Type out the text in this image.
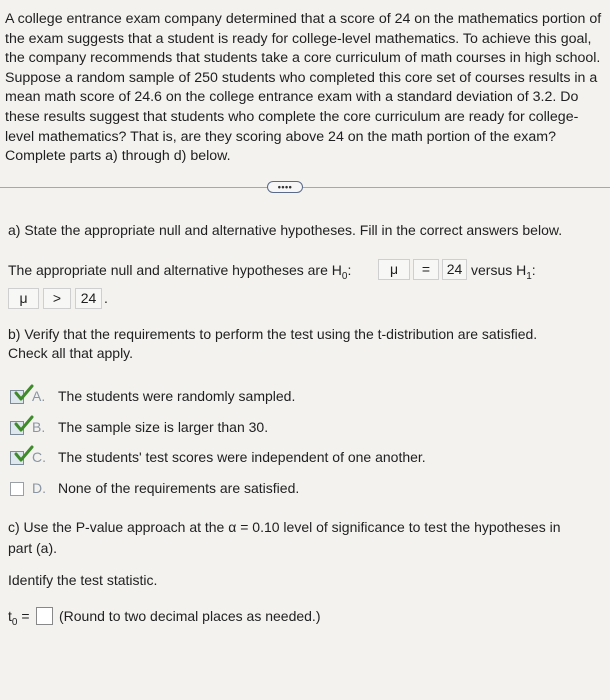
A college entrance exam company determined that a score of 24 on the mathematics portion of the exam suggests that a student is ready for college-level mathematics. To achieve this goal, the company recommends that students take a core curriculum of math courses in high school. Suppose a random sample of 250 students who completed this core set of courses results in a mean math score of 24.6 on the college entrance exam with a standard deviation of 3.2. Do these results suggest that students who complete the core curriculum are ready for college-level mathematics? That is, are they scoring above 24 on the math portion of the exam? Complete parts a) through d) below.
••••
a) State the appropriate null and alternative hypotheses. Fill in the correct answers below.
The appropriate null and alternative hypotheses are $H_0$:	μ	=	24 versus $H_1$:
μ	>	24 .
b) Verify that the requirements to perform the test using the t-distribution are satisfied.
Check all that apply.
A. The students were randomly sampled.
B. The sample size is larger than 30.
C. The students' test scores were independent of one another.
D. None of the requirements are satisfied.
c) Use the P-value approach at the α = 0.10 level of significance to test the hypotheses in
part (a).
Identify the test statistic.
$t_0$ = (Round to two decimal places as needed.)
